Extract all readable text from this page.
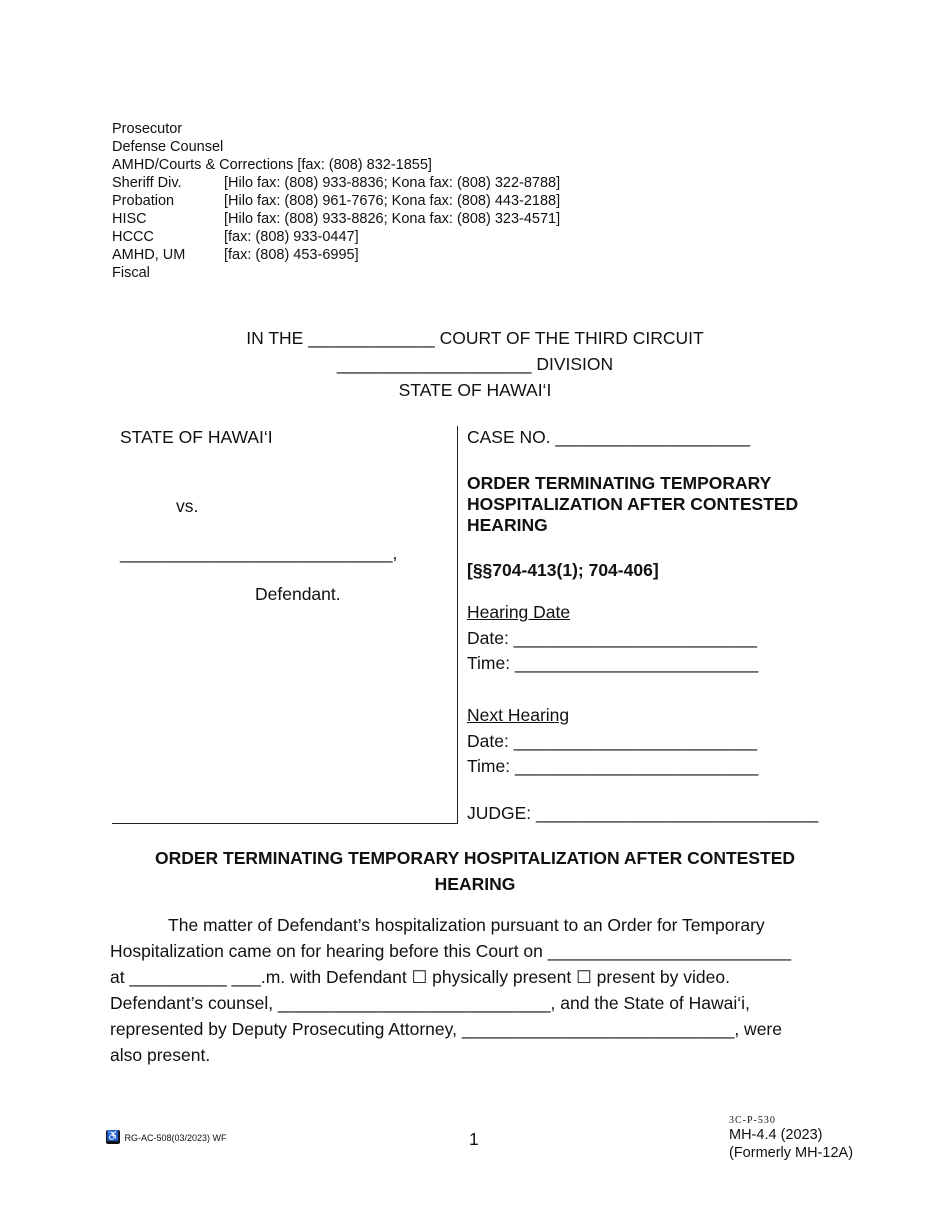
Prosecutor
Defense Counsel
AMHD/Courts & Corrections [fax: (808) 832-1855]
Sheriff Div.	[Hilo fax: (808) 933-8836; Kona fax: (808) 322-8788]
Probation	[Hilo fax: (808) 961-7676; Kona fax: (808) 443-2188]
HISC	[Hilo fax: (808) 933-8826; Kona fax: (808) 323-4571]
HCCC	[fax: (808) 933-0447]
AMHD, UM	[fax: (808) 453-6995]
Fiscal
IN THE _____________ COURT OF THE THIRD CIRCUIT
____________________ DIVISION
STATE OF HAWAI‘I
STATE OF HAWAI‘I
vs.
____________________________,
Defendant.
CASE NO. ____________________
ORDER TERMINATING TEMPORARY
HOSPITALIZATION AFTER CONTESTED
HEARING
[§§704-413(1); 704-406]
Hearing Date
Date: _________________________
Time: _________________________
Next Hearing
Date: _________________________
Time: _________________________
JUDGE: _____________________________
ORDER TERMINATING TEMPORARY HOSPITALIZATION AFTER CONTESTED
HEARING
The matter of Defendant’s hospitalization pursuant to an Order for Temporary
Hospitalization came on for hearing before this Court on _________________________
at __________ ___.m. with Defendant ☐ physically present ☐ present by video.
Defendant’s counsel, ____________________________, and the State of Hawai‘i,
represented by Deputy Prosecuting Attorney, ____________________________, were
also present.
♿ RG-AC-508(03/2023) WF	1
3C-P-530
MH-4.4 (2023)
(Formerly MH-12A)
